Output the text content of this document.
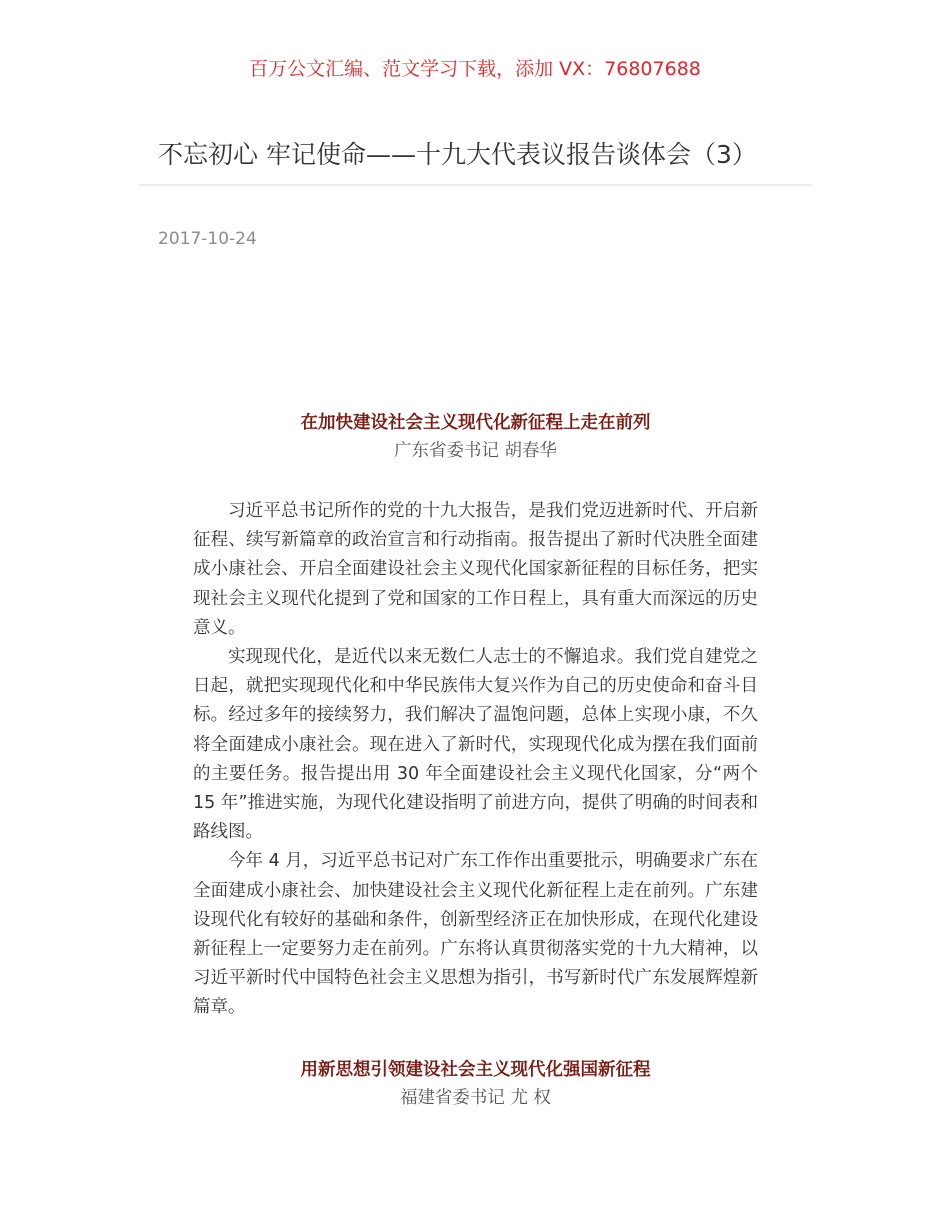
百万公文汇编、范文学习下载，添加 VX：76807688
不忘初心 牢记使命——十九大代表议报告谈体会（3）
2017-10-24

在加快建设社会主义现代化新征程上走在前列

广东省委书记 胡春华

习近平总书记所作的党的十九大报告，是我们党迈进新时代、开启新征程、续写新篇章的政治宣言和行动指南。报告提出了新时代决胜全面建成小康社会、开启全面建设社会主义现代化国家新征程的目标任务，把实现社会主义现代化提到了党和国家的工作日程上，具有重大而深远的历史意义。

实现现代化，是近代以来无数仁人志士的不懈追求。我们党自建党之日起，就把实现现代化和中华民族伟大复兴作为自己的历史使命和奋斗目标。经过多年的接续努力，我们解决了温饱问题，总体上实现小康，不久将全面建成小康社会。现在进入了新时代，实现现代化成为摆在我们面前的主要任务。报告提出用 30 年全面建设社会主义现代化国家，分“两个 15 年”推进实施，为现代化建设指明了前进方向，提供了明确的时间表和路线图。

今年 4 月，习近平总书记对广东工作作出重要批示，明确要求广东在全面建成小康社会、加快建设社会主义现代化新征程上走在前列。广东建设现代化有较好的基础和条件，创新型经济正在加快形成，在现代化建设新征程上一定要努力走在前列。广东将认真贯彻落实党的十九大精神，以习近平新时代中国特色社会主义思想为指引，书写新时代广东发展辉煌新篇章。

用新思想引领建设社会主义现代化强国新征程

福建省委书记 尤 权
